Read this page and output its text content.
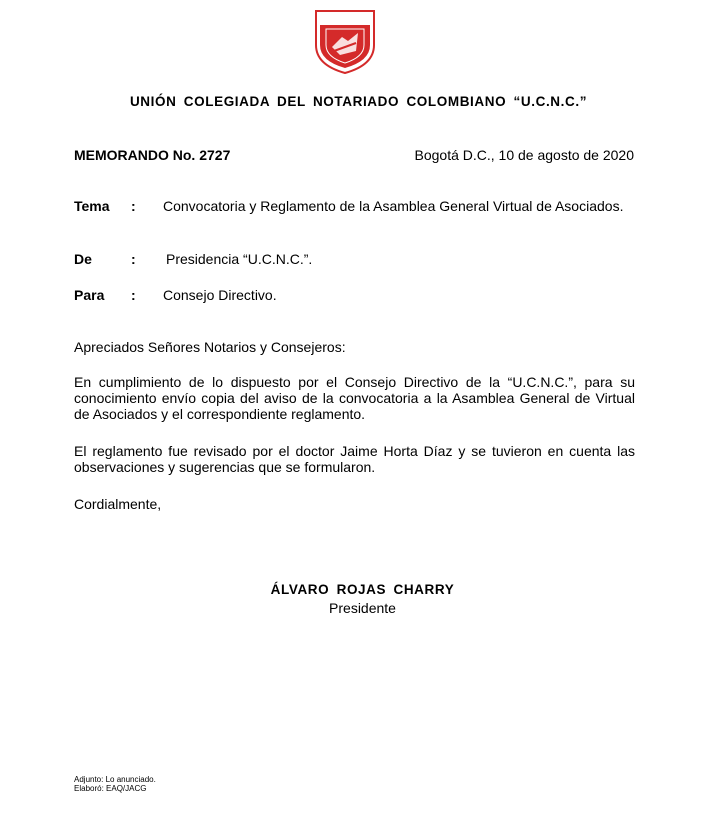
UNIÓN COLEGIADA DEL NOTARIADO COLOMBIANO “U.C.N.C.”
MEMORANDO No. 2727	Bogotá D.C., 10 de agosto de 2020
Tema : Convocatoria y Reglamento de la Asamblea General Virtual de Asociados.
De	: Presidencia “U.C.N.C.”.
Para : Consejo Directivo.
Apreciados Señores Notarios y Consejeros:
En cumplimiento de lo dispuesto por el Consejo Directivo de la “U.C.N.C.”, para su conocimiento envío copia del aviso de la convocatoria a la Asamblea General de Virtual de Asociados y el correspondiente reglamento.
El reglamento fue revisado por el doctor Jaime Horta Díaz y se tuvieron en cuenta las observaciones y sugerencias que se formularon.
Cordialmente,
ÁLVARO ROJAS CHARRY
Presidente
Adjunto: Lo anunciado.
Elaboró: EAQ/JACG
